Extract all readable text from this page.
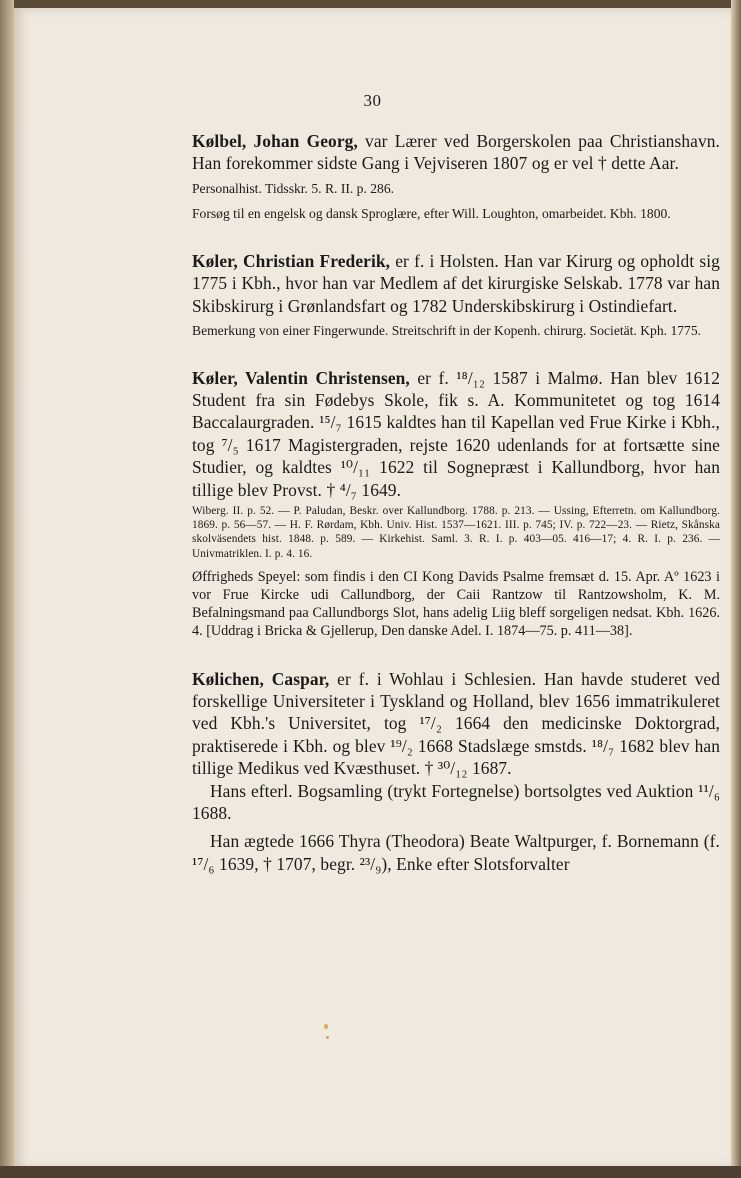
30

Kølbel, Johan Georg, var Lærer ved Borgerskolen paa Christianshavn. Han forekommer sidste Gang i Vejviseren 1807 og er vel † dette Aar.

Personalhist. Tidsskr. 5. R. II. p. 286.

Forsøg til en engelsk og dansk Sproglære, efter Will. Loughton, omarbeidet. Kbh. 1800.

Køler, Christian Frederik, er f. i Holsten. Han var Kirurg og opholdt sig 1775 i Kbh., hvor han var Medlem af det kirurgiske Selskab. 1778 var han Skibskirurg i Grønlandsfart og 1782 Underskibskirurg i Ostindiefart.

Bemerkung von einer Fingerwunde. Streitschrift in der Kopenh. chirurg. Societät. Kph. 1775.

Køler, Valentin Christensen, er f. ¹⁸/₁₂ 1587 i Malmø. Han blev 1612 Student fra sin Fødebys Skole, fik s. A. Kommunitetet og tog 1614 Baccalaurgraden. ¹⁵/₇ 1615 kaldtes han til Kapellan ved Frue Kirke i Kbh., tog ⁷/₅ 1617 Magistergraden, rejste 1620 udenlands for at fortsætte sine Studier, og kaldtes ¹⁰/₁₁ 1622 til Sognepræst i Kallundborg, hvor han tillige blev Provst. † ⁴/₇ 1649.

Wiberg. II. p. 52. — P. Paludan, Beskr. over Kallundborg. 1788. p. 213. — Ussing, Efterretn. om Kallundborg. 1869. p. 56—57. — H. F. Rørdam, Kbh. Univ. Hist. 1537—1621. III. p. 745; IV. p. 722—23. — Rietz, Skånska skolväsendets hist. 1848. p. 589. — Kirkehist. Saml. 3. R. I. p. 403—05. 416—17; 4. R. I. p. 236. — Univmatriklen. I. p. 4. 16.

Øffrigheds Speyel: som findis i den CI Kong Davids Psalme fremsæt d. 15. Apr. Aº 1623 i vor Frue Kircke udi Callundborg, der Caii Rantzow til Rantzowsholm, K. M. Befalningsmand paa Callundborgs Slot, hans adelig Liig bleff sorgeligen nedsat. Kbh. 1626. 4. [Uddrag i Bricka & Gjellerup, Den danske Adel. I. 1874—75. p. 411—38].

Kølichen, Caspar, er f. i Wohlau i Schlesien. Han havde studeret ved forskellige Universiteter i Tyskland og Holland, blev 1656 immatrikuleret ved Kbh.'s Universitet, tog ¹⁷/₂ 1664 den medicinske Doktorgrad, praktiserede i Kbh. og blev ¹⁹/₂ 1668 Stadslæge smstds. ¹⁸/₇ 1682 blev han tillige Medikus ved Kvæsthuset. † ³⁰/₁₂ 1687.

Hans efterl. Bogsamling (trykt Fortegnelse) bortsolgtes ved Auktion ¹¹/₆ 1688.

Han ægtede 1666 Thyra (Theodora) Beate Waltpurger, f. Bornemann (f. ¹⁷/₆ 1639, † 1707, begr. ²³/₉), Enke efter Slotsforvalter
